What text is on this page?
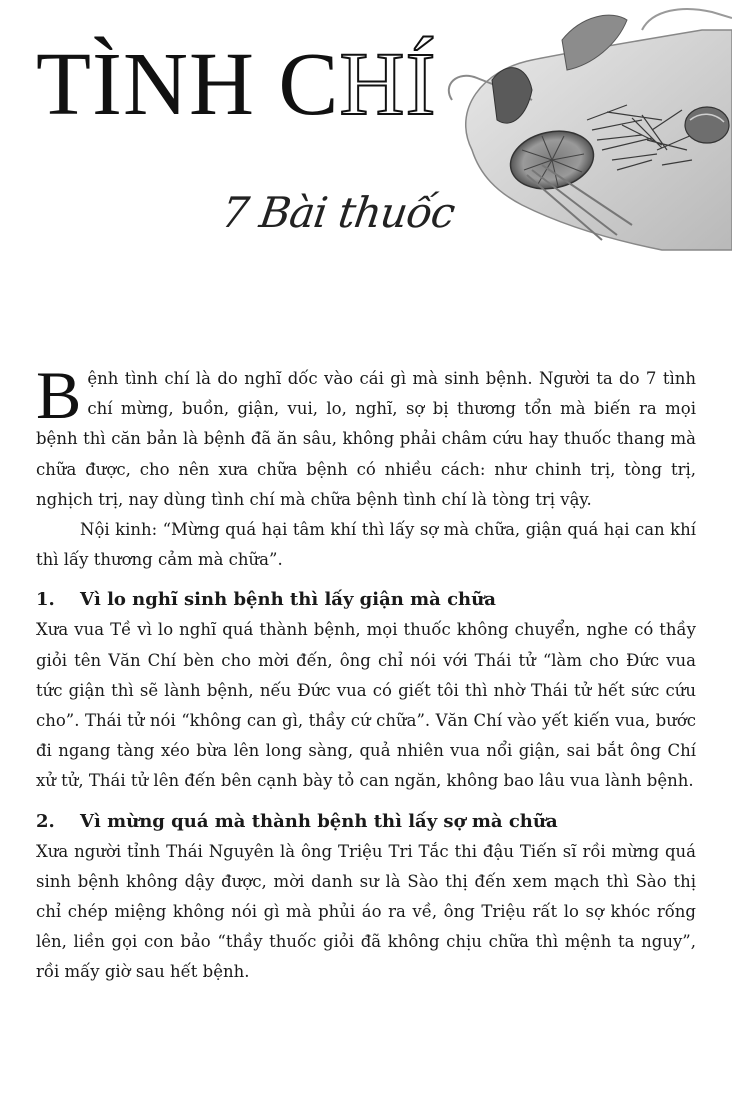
TÌNH CHÍ
7 Bài thuốc

Bệnh tình chí là do nghĩ dốc vào cái gì mà sinh bệnh. Người ta do 7 tình chí mừng, buồn, giận, vui, lo, nghĩ, sợ bị thương tổn mà biến ra mọi bệnh thì căn bản là bệnh đã ăn sâu, không phải châm cứu hay thuốc thang mà chữa được, cho nên xưa chữa bệnh có nhiều cách: như chinh trị, tòng trị, nghịch trị, nay dùng tình chí mà chữa bệnh tình chí là tòng trị vậy.

Nội kinh: “Mừng quá hại tâm khí thì lấy sợ mà chữa, giận quá hại can khí thì lấy thương cảm mà chữa”.

1.	Vì lo nghĩ sinh bệnh thì lấy giận mà chữa

Xưa vua Tề vì lo nghĩ quá thành bệnh, mọi thuốc không chuyển, nghe có thầy giỏi tên Văn Chí bèn cho mời đến, ông chỉ nói với Thái tử “làm cho Đức vua tức giận thì sẽ lành bệnh, nếu Đức vua có giết tôi thì nhờ Thái tử hết sức cứu cho”. Thái tử nói “không can gì, thầy cứ chữa”. Văn Chí vào yết kiến vua, bước đi ngang tàng xéo bừa lên long sàng, quả nhiên vua nổi giận, sai bắt ông Chí xử tử, Thái tử lên đến bên cạnh bày tỏ can ngăn, không bao lâu vua lành bệnh.

2.	Vì mừng quá mà thành bệnh thì lấy sợ mà chữa

Xưa người tỉnh Thái Nguyên là ông Triệu Tri Tắc thi đậu Tiến sĩ rồi mừng quá sinh bệnh không dậy được, mời danh sư là Sào thị đến xem mạch thì Sào thị chỉ chép miệng không nói gì mà phủi áo ra về, ông Triệu rất lo sợ khóc rống lên, liền gọi con bảo “thầy thuốc giỏi đã không chịu chữa thì mệnh ta nguy”, rồi mấy giờ sau hết bệnh.
